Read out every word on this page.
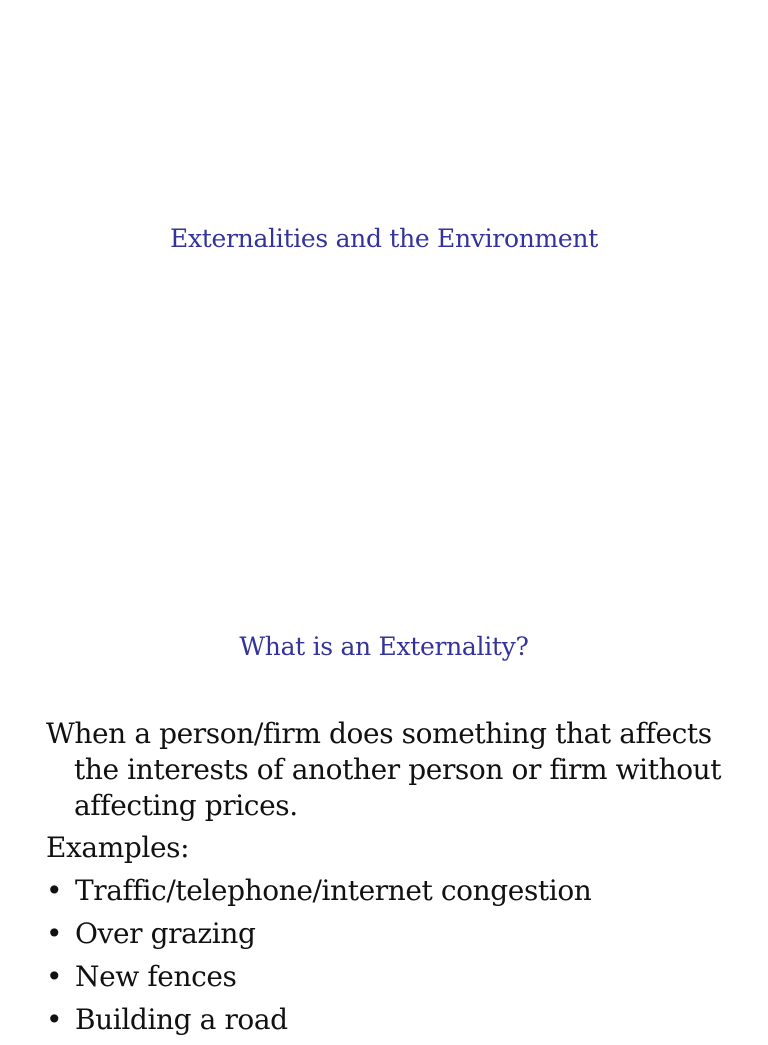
Externalities and the Environment
What is an Externality?
When a person/firm does something that affects the interests of another person or firm without affecting prices.
Examples:
• Traffic/telephone/internet congestion
• Over grazing
• New fences
• Building a road
